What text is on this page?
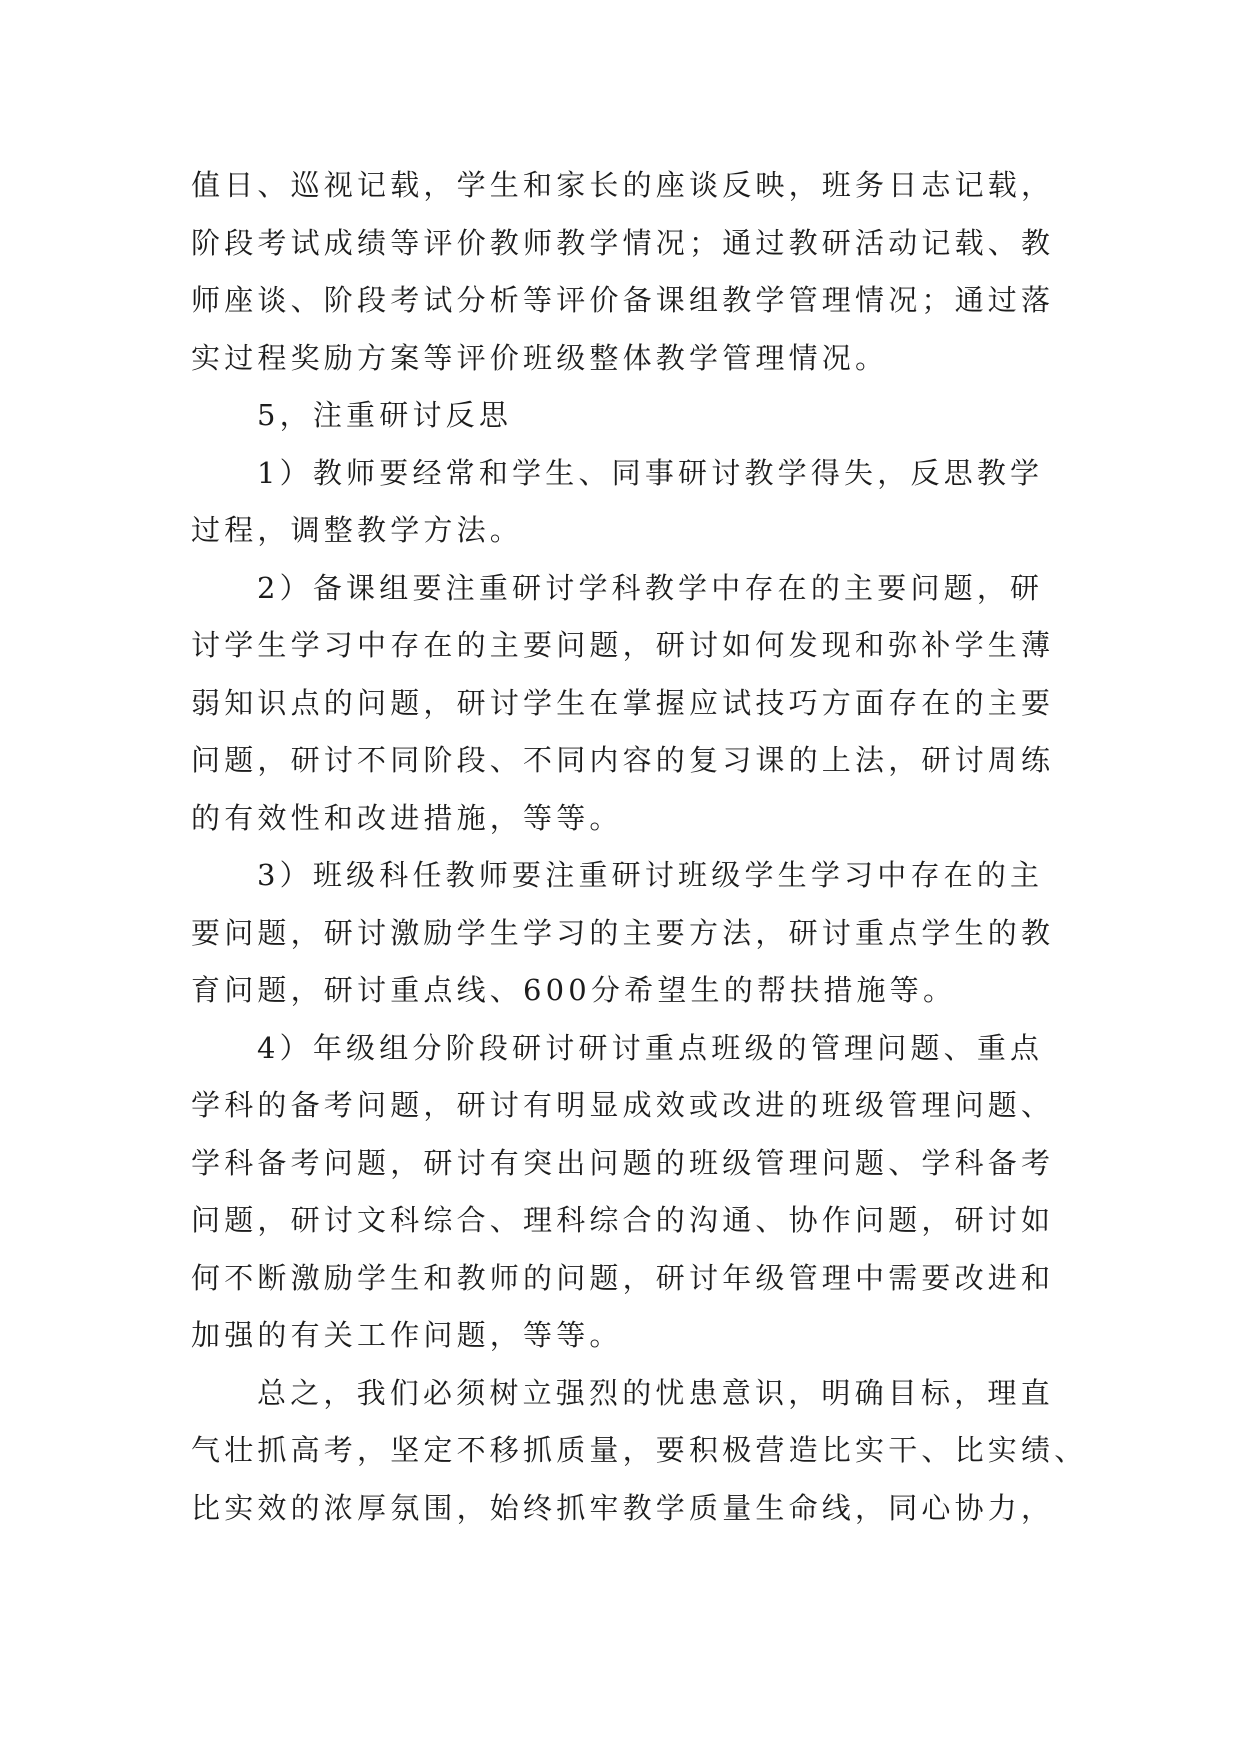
值日、巡视记载，学生和家长的座谈反映，班务日志记载，
阶段考试成绩等评价教师教学情况；通过教研活动记载、教
师座谈、阶段考试分析等评价备课组教学管理情况；通过落
实过程奖励方案等评价班级整体教学管理情况。
5，注重研讨反思
1）教师要经常和学生、同事研讨教学得失，反思教学
过程，调整教学方法。
2）备课组要注重研讨学科教学中存在的主要问题，研
讨学生学习中存在的主要问题，研讨如何发现和弥补学生薄
弱知识点的问题，研讨学生在掌握应试技巧方面存在的主要
问题，研讨不同阶段、不同内容的复习课的上法，研讨周练
的有效性和改进措施，等等。
3）班级科任教师要注重研讨班级学生学习中存在的主
要问题，研讨激励学生学习的主要方法，研讨重点学生的教
育问题，研讨重点线、600分希望生的帮扶措施等。
4）年级组分阶段研讨研讨重点班级的管理问题、重点
学科的备考问题，研讨有明显成效或改进的班级管理问题、
学科备考问题，研讨有突出问题的班级管理问题、学科备考
问题，研讨文科综合、理科综合的沟通、协作问题，研讨如
何不断激励学生和教师的问题，研讨年级管理中需要改进和
加强的有关工作问题，等等。
总之，我们必须树立强烈的忧患意识，明确目标，理直
气壮抓高考，坚定不移抓质量，要积极营造比实干、比实绩、
比实效的浓厚氛围，始终抓牢教学质量生命线，同心协力，
